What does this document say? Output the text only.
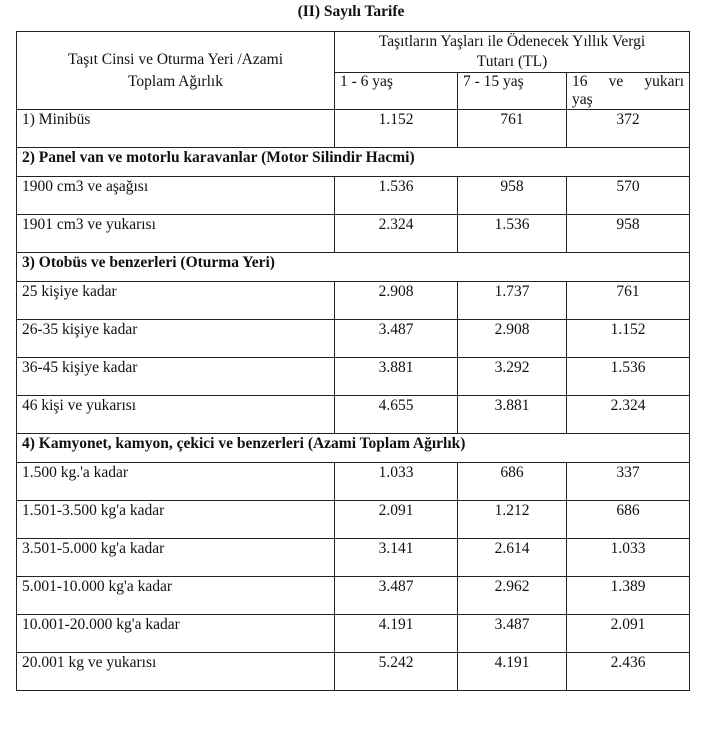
(II) Sayılı Tarife
Taşıt Cinsi ve Oturma Yeri /Azami
Toplam Ağırlık	Taşıtların Yaşları ile Ödenecek Yıllık Vergi
Tutarı (TL)		
	1 - 6 yaş	7 - 15 yaş	16 ve yukarı
yaş

1) Minibüs	1.152	761	372
2) Panel van ve motorlu karavanlar (Motor Silindir Hacmi)			
1900 cm3 ve aşağısı	1.536	958	570
1901 cm3 ve yukarısı	2.324	1.536	958
3) Otobüs ve benzerleri (Oturma Yeri)			
25 kişiye kadar	2.908	1.737	761
26-35 kişiye kadar	3.487	2.908	1.152
36-45 kişiye kadar	3.881	3.292	1.536
46 kişi ve yukarısı	4.655	3.881	2.324
4) Kamyonet, kamyon, çekici ve benzerleri (Azami Toplam Ağırlık)			
1.500 kg.'a kadar	1.033	686	337
1.501-3.500 kg'a kadar	2.091	1.212	686
3.501-5.000 kg'a kadar	3.141	2.614	1.033
5.001-10.000 kg'a kadar	3.487	2.962	1.389
10.001-20.000 kg'a kadar	4.191	3.487	2.091
20.001 kg ve yukarısı	5.242	4.191	2.436
